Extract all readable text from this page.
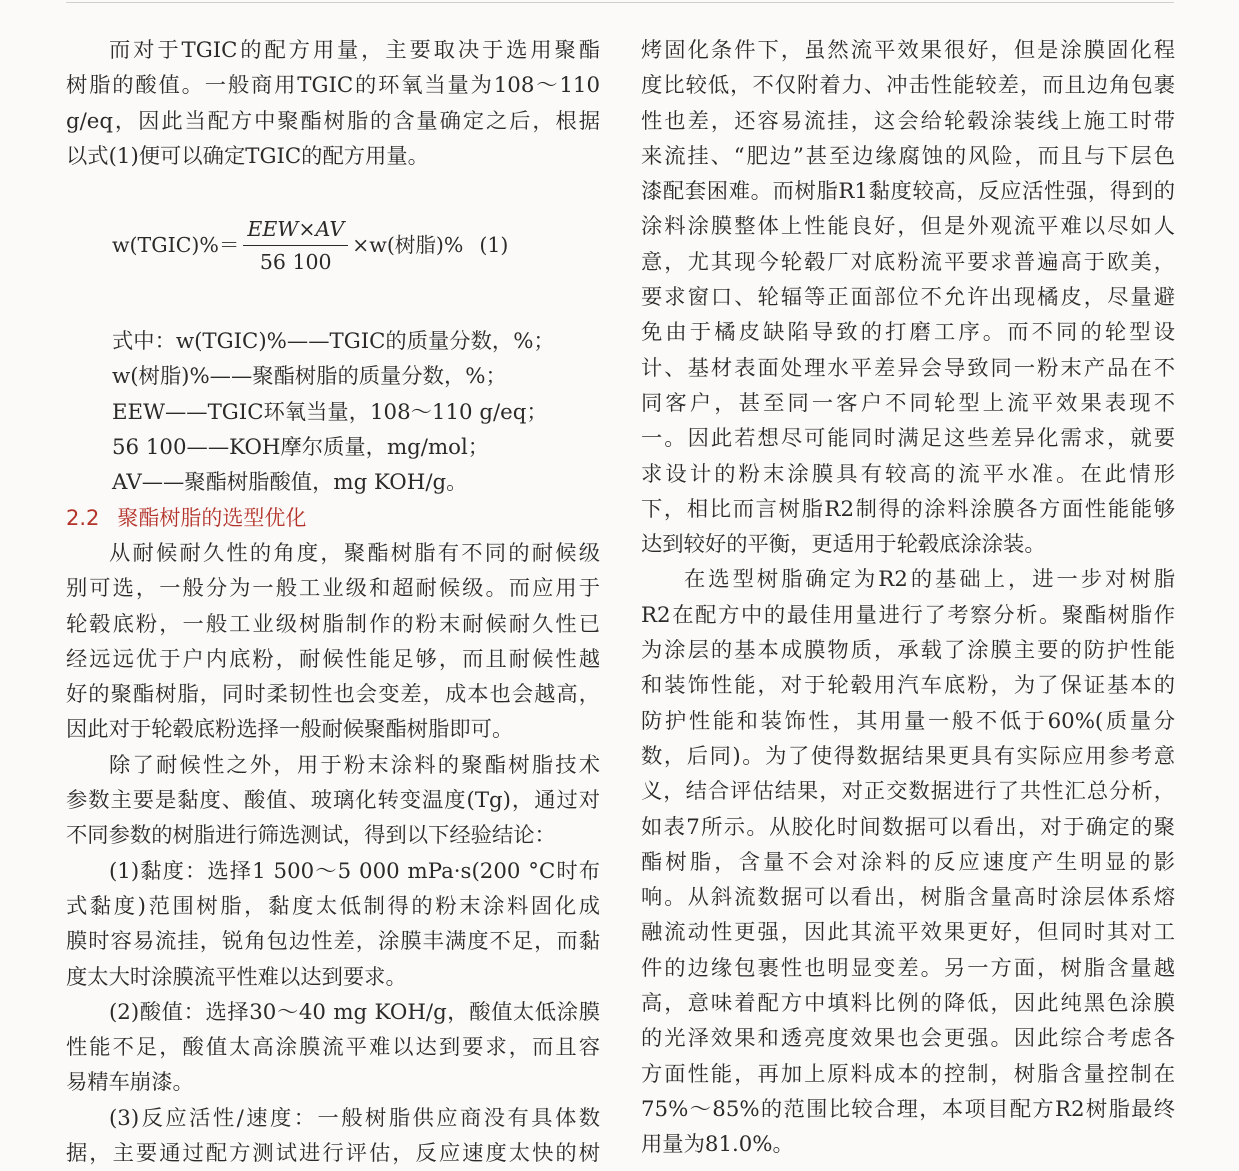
而对于TGIC的配方用量，主要取决于选用聚酯
树脂的酸值。一般商用TGIC的环氧当量为108～110
g/eq，因此当配方中聚酯树脂的含量确定之后，根据
以式(1)便可以确定TGIC的配方用量。
w(TGIC)%＝ $\frac{\text{EEW×AV}}{56 100} \times w$(树脂)% (1)
式中：w(TGIC)%——TGIC的质量分数，%；
w(树脂)%——聚酯树脂的质量分数，%；
EEW——TGIC环氧当量，108～110 g/eq；
56 100——KOH摩尔质量，mg/mol；
AV——聚酯树脂酸值，mg KOH/g。
2.2 聚酯树脂的选型优化
从耐候耐久性的角度，聚酯树脂有不同的耐候级
别可选，一般分为一般工业级和超耐候级。而应用于
轮毂底粉，一般工业级树脂制作的粉末耐候耐久性已
经远远优于户内底粉，耐候性能足够，而且耐候性越
好的聚酯树脂，同时柔韧性也会变差，成本也会越高，
因此对于轮毂底粉选择一般耐候聚酯树脂即可。
除了耐候性之外，用于粉末涂料的聚酯树脂技术
参数主要是黏度、酸值、玻璃化转变温度(Tg)，通过对
不同参数的树脂进行筛选测试，得到以下经验结论：
(1)黏度：选择1 500～5 000 mPa·s(200 °C时布
式黏度)范围树脂，黏度太低制得的粉末涂料固化成
膜时容易流挂，锐角包边性差，涂膜丰满度不足，而黏
度太大时涂膜流平性难以达到要求。
(2)酸值：选择30～40 mg KOH/g，酸值太低涂膜
性能不足，酸值太高涂膜流平难以达到要求，而且容
易精车崩漆。
(3)反应活性/速度：一般树脂供应商没有具体数
据，主要通过配方测试进行评估，反应速度太快的树
烤固化条件下，虽然流平效果很好，但是涂膜固化程
度比较低，不仅附着力、冲击性能较差，而且边角包裹
性也差，还容易流挂，这会给轮毂涂装线上施工时带
来流挂、“肥边”甚至边缘腐蚀的风险，而且与下层色
漆配套困难。而树脂R1黏度较高，反应活性强，得到的
涂料涂膜整体上性能良好，但是外观流平难以尽如人
意，尤其现今轮毂厂对底粉流平要求普遍高于欧美，
要求窗口、轮辐等正面部位不允许出现橘皮，尽量避
免由于橘皮缺陷导致的打磨工序。而不同的轮型设
计、基材表面处理水平差异会导致同一粉末产品在不
同客户，甚至同一客户不同轮型上流平效果表现不
一。因此若想尽可能同时满足这些差异化需求，就要
求设计的粉末涂膜具有较高的流平水准。在此情形
下，相比而言树脂R2制得的涂料涂膜各方面性能能够
达到较好的平衡，更适用于轮毂底涂涂装。
在选型树脂确定为R2的基础上，进一步对树脂
R2在配方中的最佳用量进行了考察分析。聚酯树脂作
为涂层的基本成膜物质，承载了涂膜主要的防护性能
和装饰性能，对于轮毂用汽车底粉，为了保证基本的
防护性能和装饰性，其用量一般不低于60%(质量分
数，后同)。为了使得数据结果更具有实际应用参考意
义，结合评估结果，对正交数据进行了共性汇总分析，
如表7所示。从胶化时间数据可以看出，对于确定的聚
酯树脂，含量不会对涂料的反应速度产生明显的影
响。从斜流数据可以看出，树脂含量高时涂层体系熔
融流动性更强，因此其流平效果更好，但同时其对工
件的边缘包裹性也明显变差。另一方面，树脂含量越
高，意味着配方中填料比例的降低，因此纯黑色涂膜
的光泽效果和透亮度效果也会更强。因此综合考虑各
方面性能，再加上原料成本的控制，树脂含量控制在
75%～85%的范围比较合理，本项目配方R2树脂最终
用量为81.0%。
